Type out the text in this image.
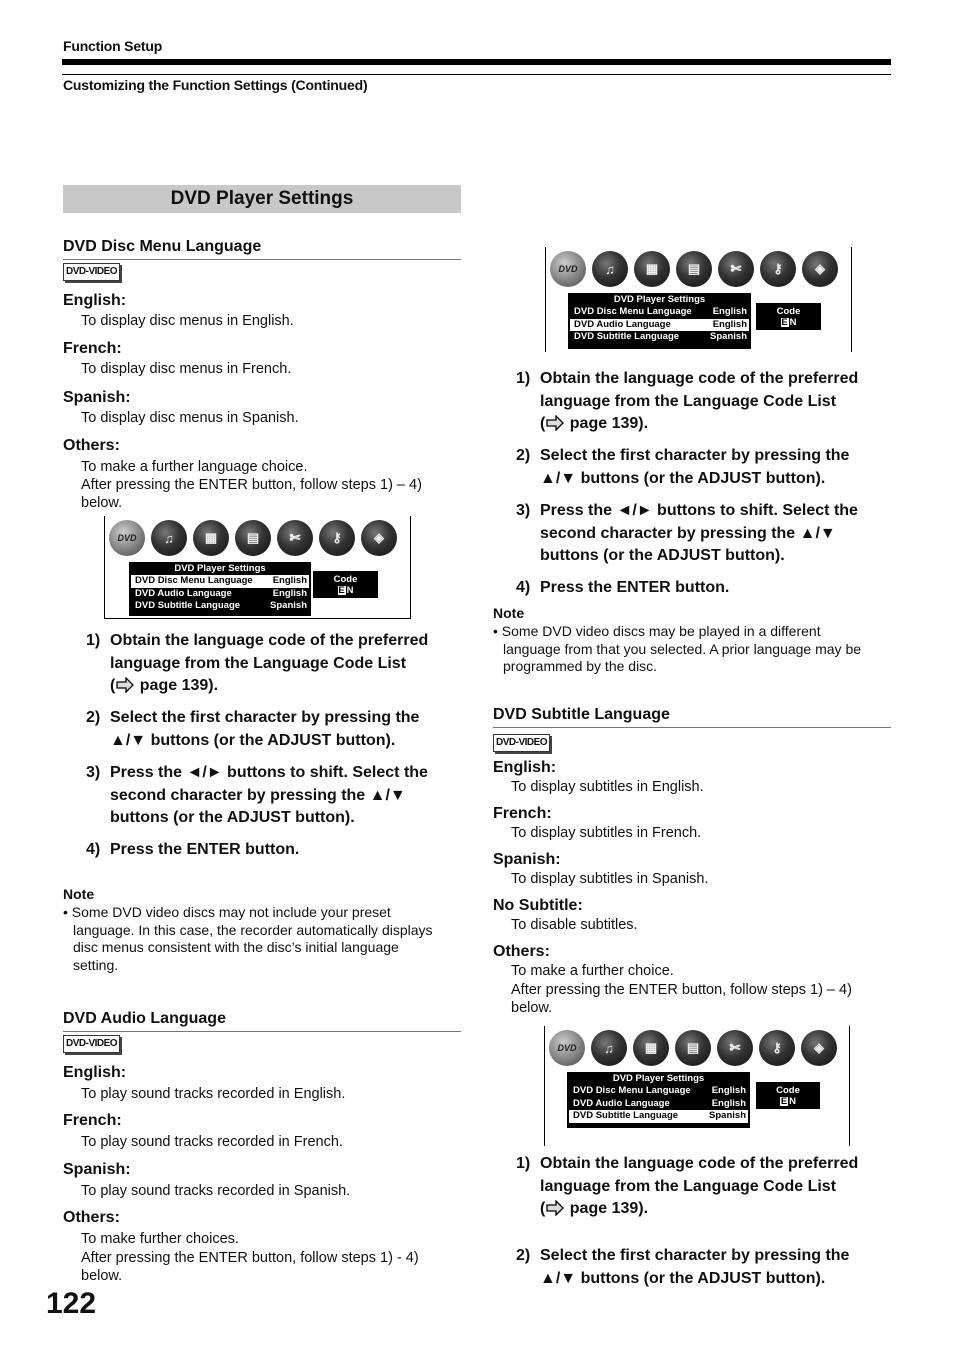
Function Setup
Customizing the Function Settings (Continued)
DVD Player Settings
DVD Disc Menu Language
DVD-VIDEO
English:
To display disc menus in English.
French:
To display disc menus in French.
Spanish:
To display disc menus in Spanish.
Others:
To make a further language choice.
After pressing the ENTER button, follow steps 1) – 4)
below.
DVD	♫	▦	▤	✄	⚷	◈
DVD Player Settings
DVD Disc Menu Language English
DVD Audio Language	English
DVD Subtitle Language	Spanish
Code
E N
1) Obtain the language code of the preferred
language from the Language Code List
( page 139).
2) Select the first character by pressing the
▲/▼ buttons (or the ADJUST button).
3) Press the ◄/► buttons to shift. Select the
second character by pressing the ▲/▼
buttons (or the ADJUST button).
4) Press the ENTER button.
Note
• Some DVD video discs may not include your preset
language. In this case, the recorder automatically displays
disc menus consistent with the disc’s initial language
setting.
DVD Audio Language
DVD-VIDEO
English:
To play sound tracks recorded in English.
French:
To play sound tracks recorded in French.
Spanish:
To play sound tracks recorded in Spanish.
Others:
To make further choices.
After pressing the ENTER button, follow steps 1) - 4)
below.
122
DVD	♫	▦	▤	✄	⚷	◈
DVD Player Settings
DVD Disc Menu Language English
DVD Audio Language	English
DVD Subtitle Language	Spanish
Code
E N
1) Obtain the language code of the preferred
language from the Language Code List
( page 139).
2) Select the first character by pressing the
▲/▼ buttons (or the ADJUST button).
3) Press the ◄/► buttons to shift. Select the
second character by pressing the ▲/▼
buttons (or the ADJUST button).
4) Press the ENTER button.
Note
• Some DVD video discs may be played in a different
language from that you selected. A prior language may be
programmed by the disc.
DVD Subtitle Language
DVD-VIDEO
English:
To display subtitles in English.
French:
To display subtitles in French.
Spanish:
To display subtitles in Spanish.
No Subtitle:
To disable subtitles.
Others:
To make a further choice.
After pressing the ENTER button, follow steps 1) – 4)
below.
DVD	♫	▦	▤	✄	⚷	◈
DVD Player Settings
DVD Disc Menu Language English
DVD Audio Language	English
DVD Subtitle Language	Spanish
Code
E N
1) Obtain the language code of the preferred
language from the Language Code List
( page 139).
2) Select the first character by pressing the
▲/▼ buttons (or the ADJUST button).
